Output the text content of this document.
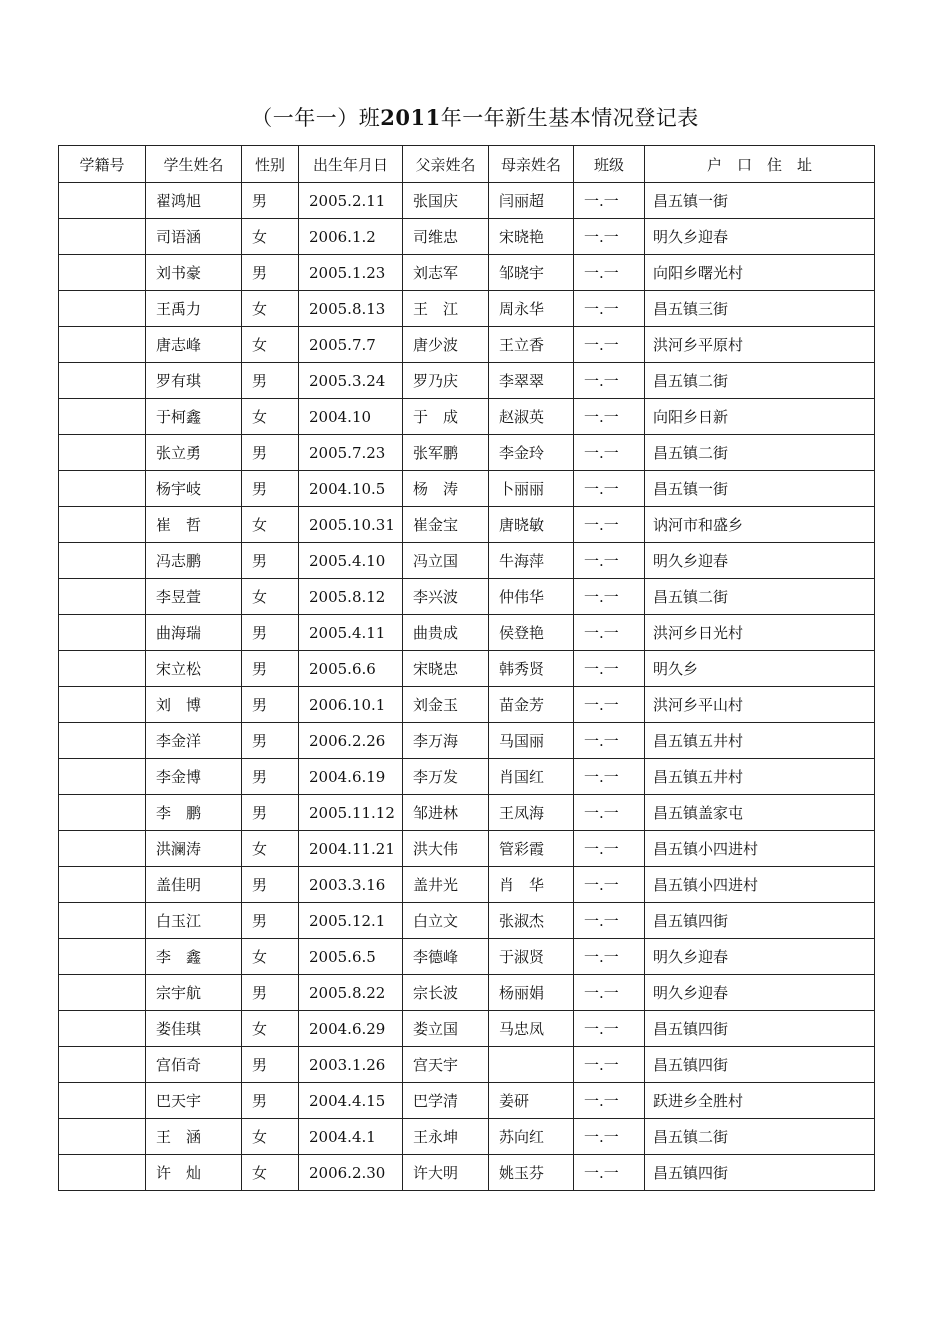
（一年一）班2011年一年新生基本情况登记表
学籍号	学生姓名	性别	出生年月日	父亲姓名	母亲姓名	班级	户　口　住　址
	翟鸿旭	男	2005.2.11	张国庆	闫丽超	一.一	昌五镇一街
	司语涵	女	2006.1.2	司维忠	宋晓艳	一.一	明久乡迎春
	刘书豪	男	2005.1.23	刘志军	邹晓宇	一.一	向阳乡曙光村
	王禹力	女	2005.8.13	王　江	周永华	一.一	昌五镇三街
	唐志峰	女	2005.7.7	唐少波	王立香	一.一	洪河乡平原村
	罗有琪	男	2005.3.24	罗乃庆	李翠翠	一.一	昌五镇二街
	于柯鑫	女	2004.10	于　成	赵淑英	一.一	向阳乡日新
	张立勇	男	2005.7.23	张军鹏	李金玲	一.一	昌五镇二街
	杨宇岐	男	2004.10.5	杨　涛	卜丽丽	一.一	昌五镇一街
	崔　哲	女	2005.10.31	崔金宝	唐晓敏	一.一	讷河市和盛乡
	冯志鹏	男	2005.4.10	冯立国	牛海萍	一.一	明久乡迎春
	李昱萱	女	2005.8.12	李兴波	仲伟华	一.一	昌五镇二街
	曲海瑞	男	2005.4.11	曲贵成	侯登艳	一.一	洪河乡日光村
	宋立松	男	2005.6.6	宋晓忠	韩秀贤	一.一	明久乡
	刘　博	男	2006.10.1	刘金玉	苗金芳	一.一	洪河乡平山村
	李金洋	男	2006.2.26	李万海	马国丽	一.一	昌五镇五井村
	李金博	男	2004.6.19	李万发	肖国红	一.一	昌五镇五井村
	李　鹏	男	2005.11.12	邹进林	王凤海	一.一	昌五镇盖家屯
	洪澜涛	女	2004.11.21	洪大伟	管彩霞	一.一	昌五镇小四进村
	盖佳明	男	2003.3.16	盖井光	肖　华	一.一	昌五镇小四进村
	白玉江	男	2005.12.1	白立文	张淑杰	一.一	昌五镇四街
	李　鑫	女	2005.6.5	李德峰	于淑贤	一.一	明久乡迎春
	宗宇航	男	2005.8.22	宗长波	杨丽娟	一.一	明久乡迎春
	娄佳琪	女	2004.6.29	娄立国	马忠凤	一.一	昌五镇四街
	宫佰奇	男	2003.1.26	宫天宇		一.一	昌五镇四街
	巴天宇	男	2004.4.15	巴学清	姜研	一.一	跃进乡全胜村
	王　涵	女	2004.4.1	王永坤	苏向红	一.一	昌五镇二街
	许　灿	女	2006.2.30	许大明	姚玉芬	一.一	昌五镇四街
